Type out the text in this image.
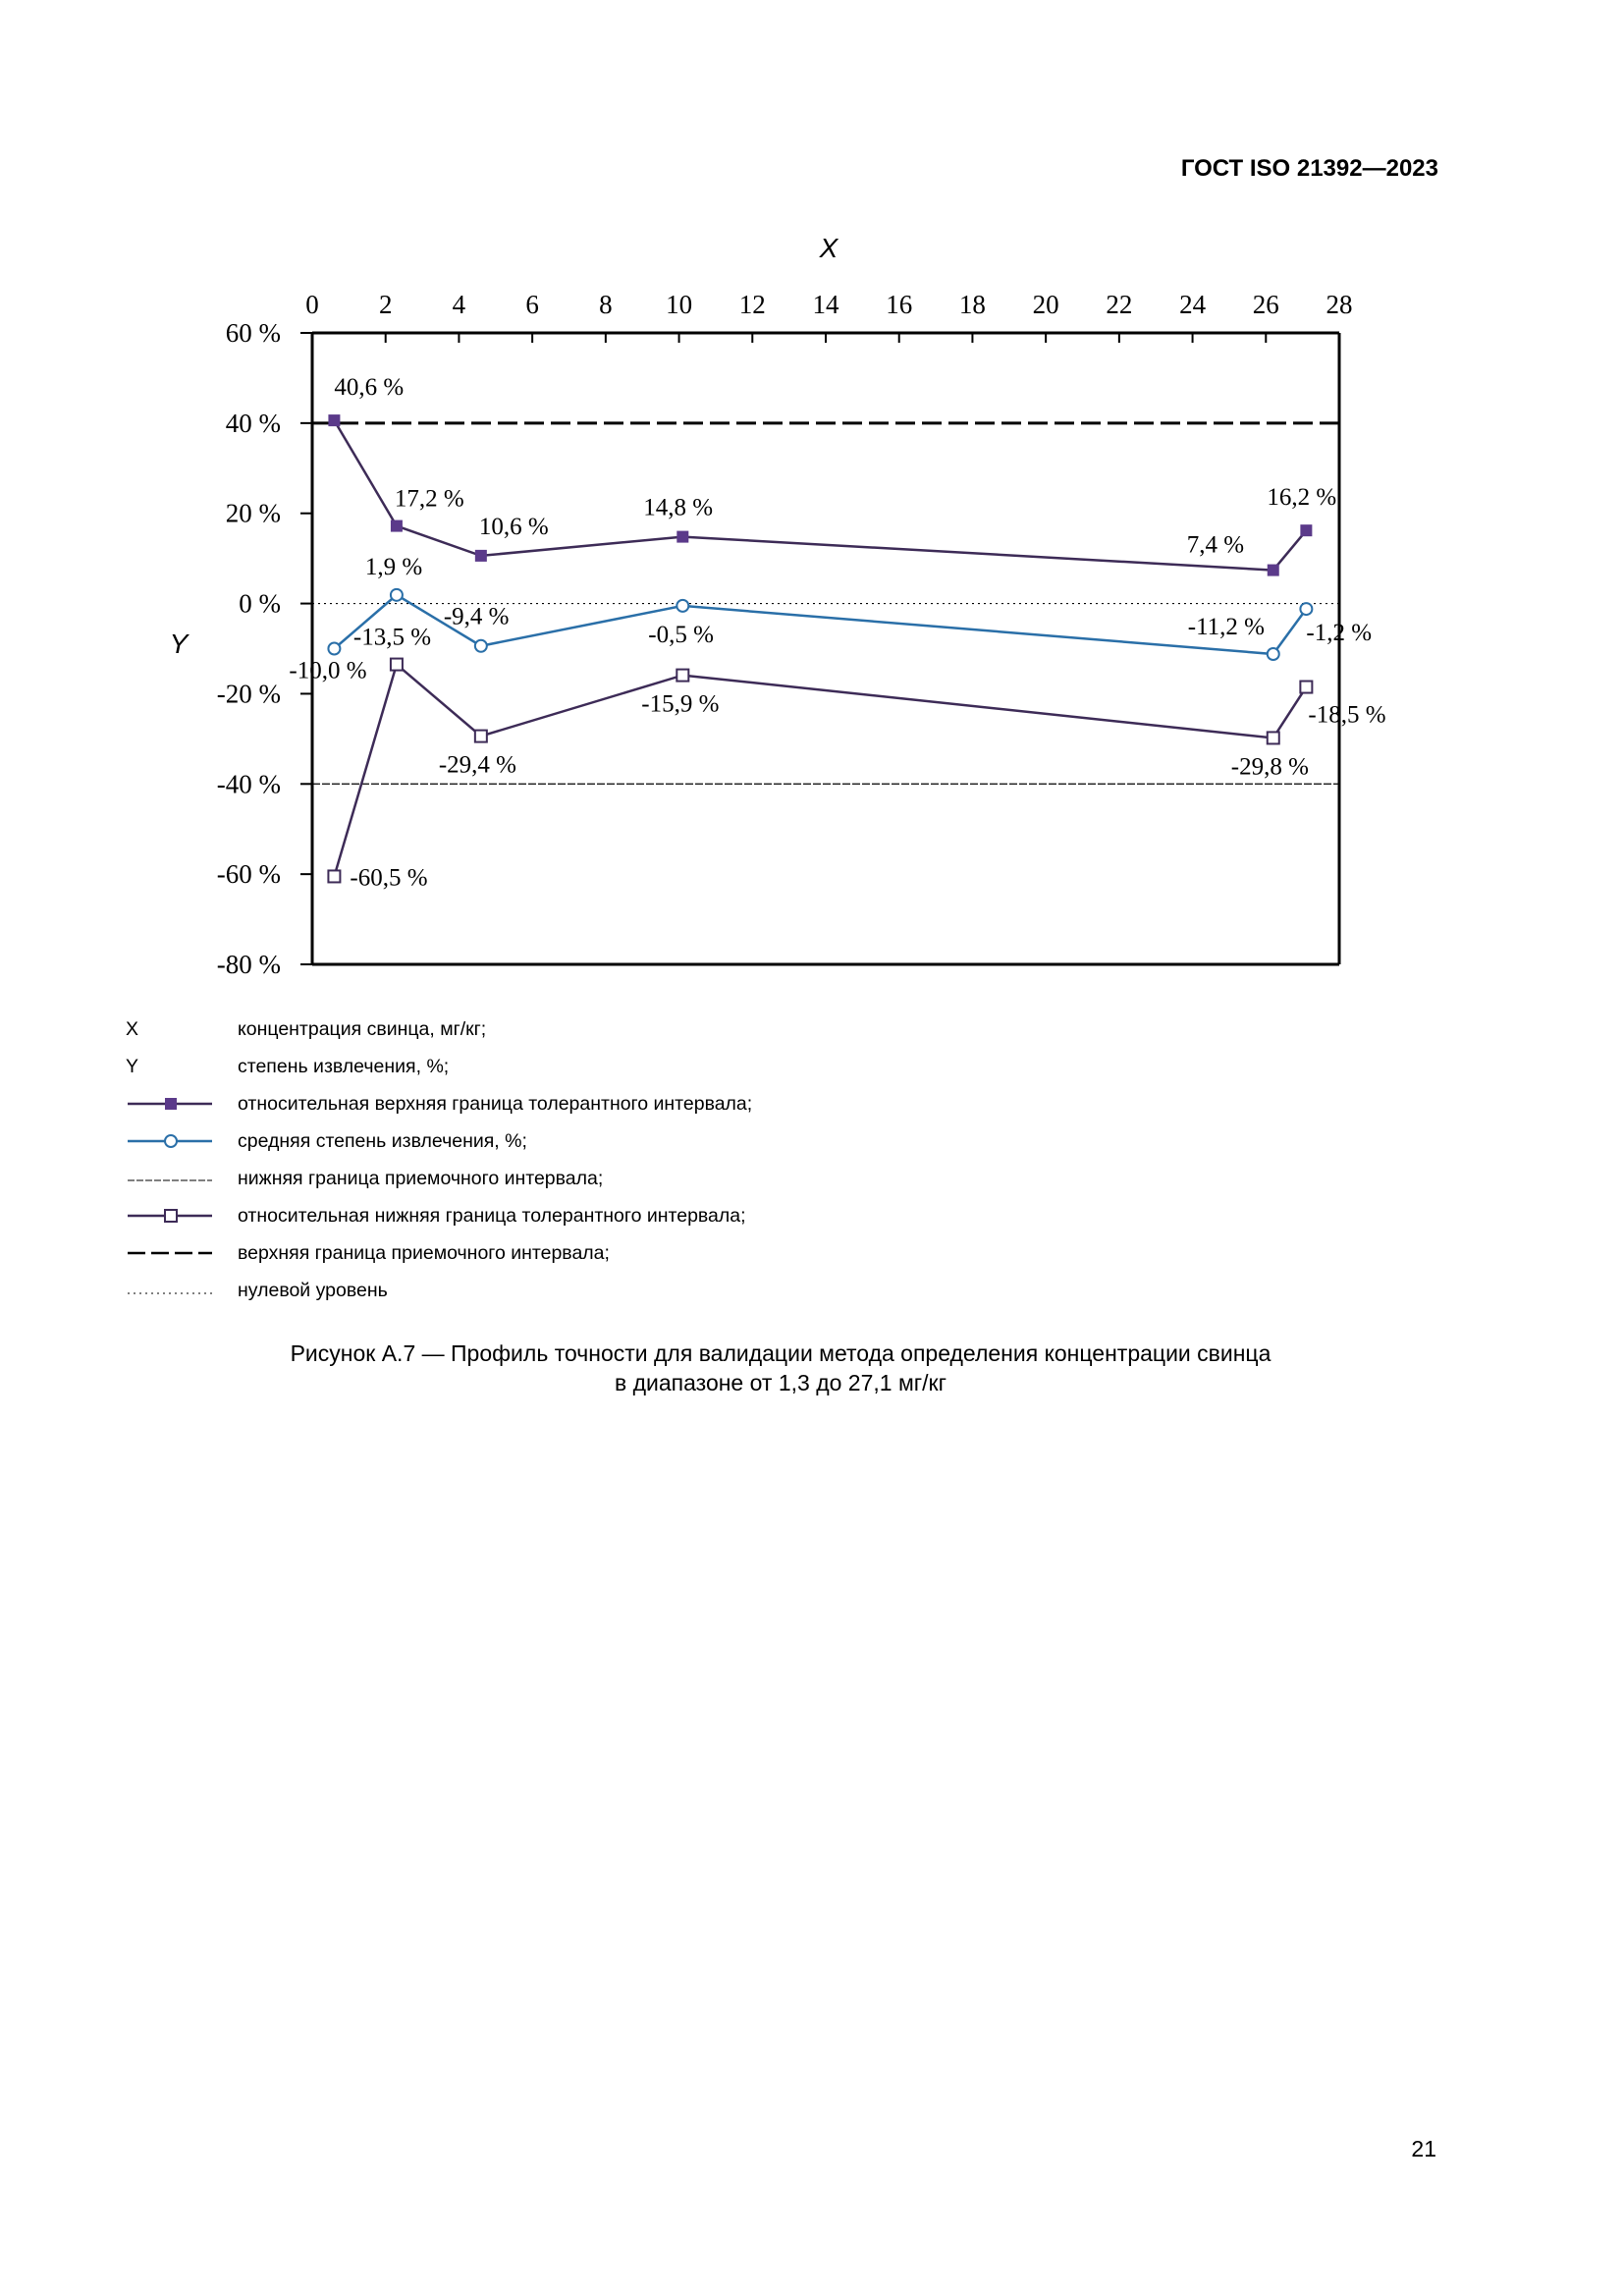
ГОСТ ISO 21392—2023
0 2 4 6 8 10 12 14 16 18 20 22 24 26 28
60 %
40 %
20 %
0 %
-20 %
-40 %
-60 %
-80 %
X
Y
40,6 %
17,2 %
10,6 %
14,8 %
7,4 %
16,2 %
-10,0 %
1,9 %
-9,4 %
-0,5 %	-11,2 % -1,2 %
-60,5 %
-13,5 %
-29,4 %
-15,9 %
-29,8 %
-18,5 %
X	концентрация свинца, мг/кг;
Y	степень извлечения, %;
относительная верхняя граница толерантного интервала;
средняя степень извлечения, %;
нижняя граница приемочного интервала;
относительная нижняя граница толерантного интервала;
верхняя граница приемочного интервала;
нулевой уровень
Рисунок А.7 — Профиль точности для валидации метода определения концентрации свинца
в диапазоне от 1,3 до 27,1 мг/кг
21
